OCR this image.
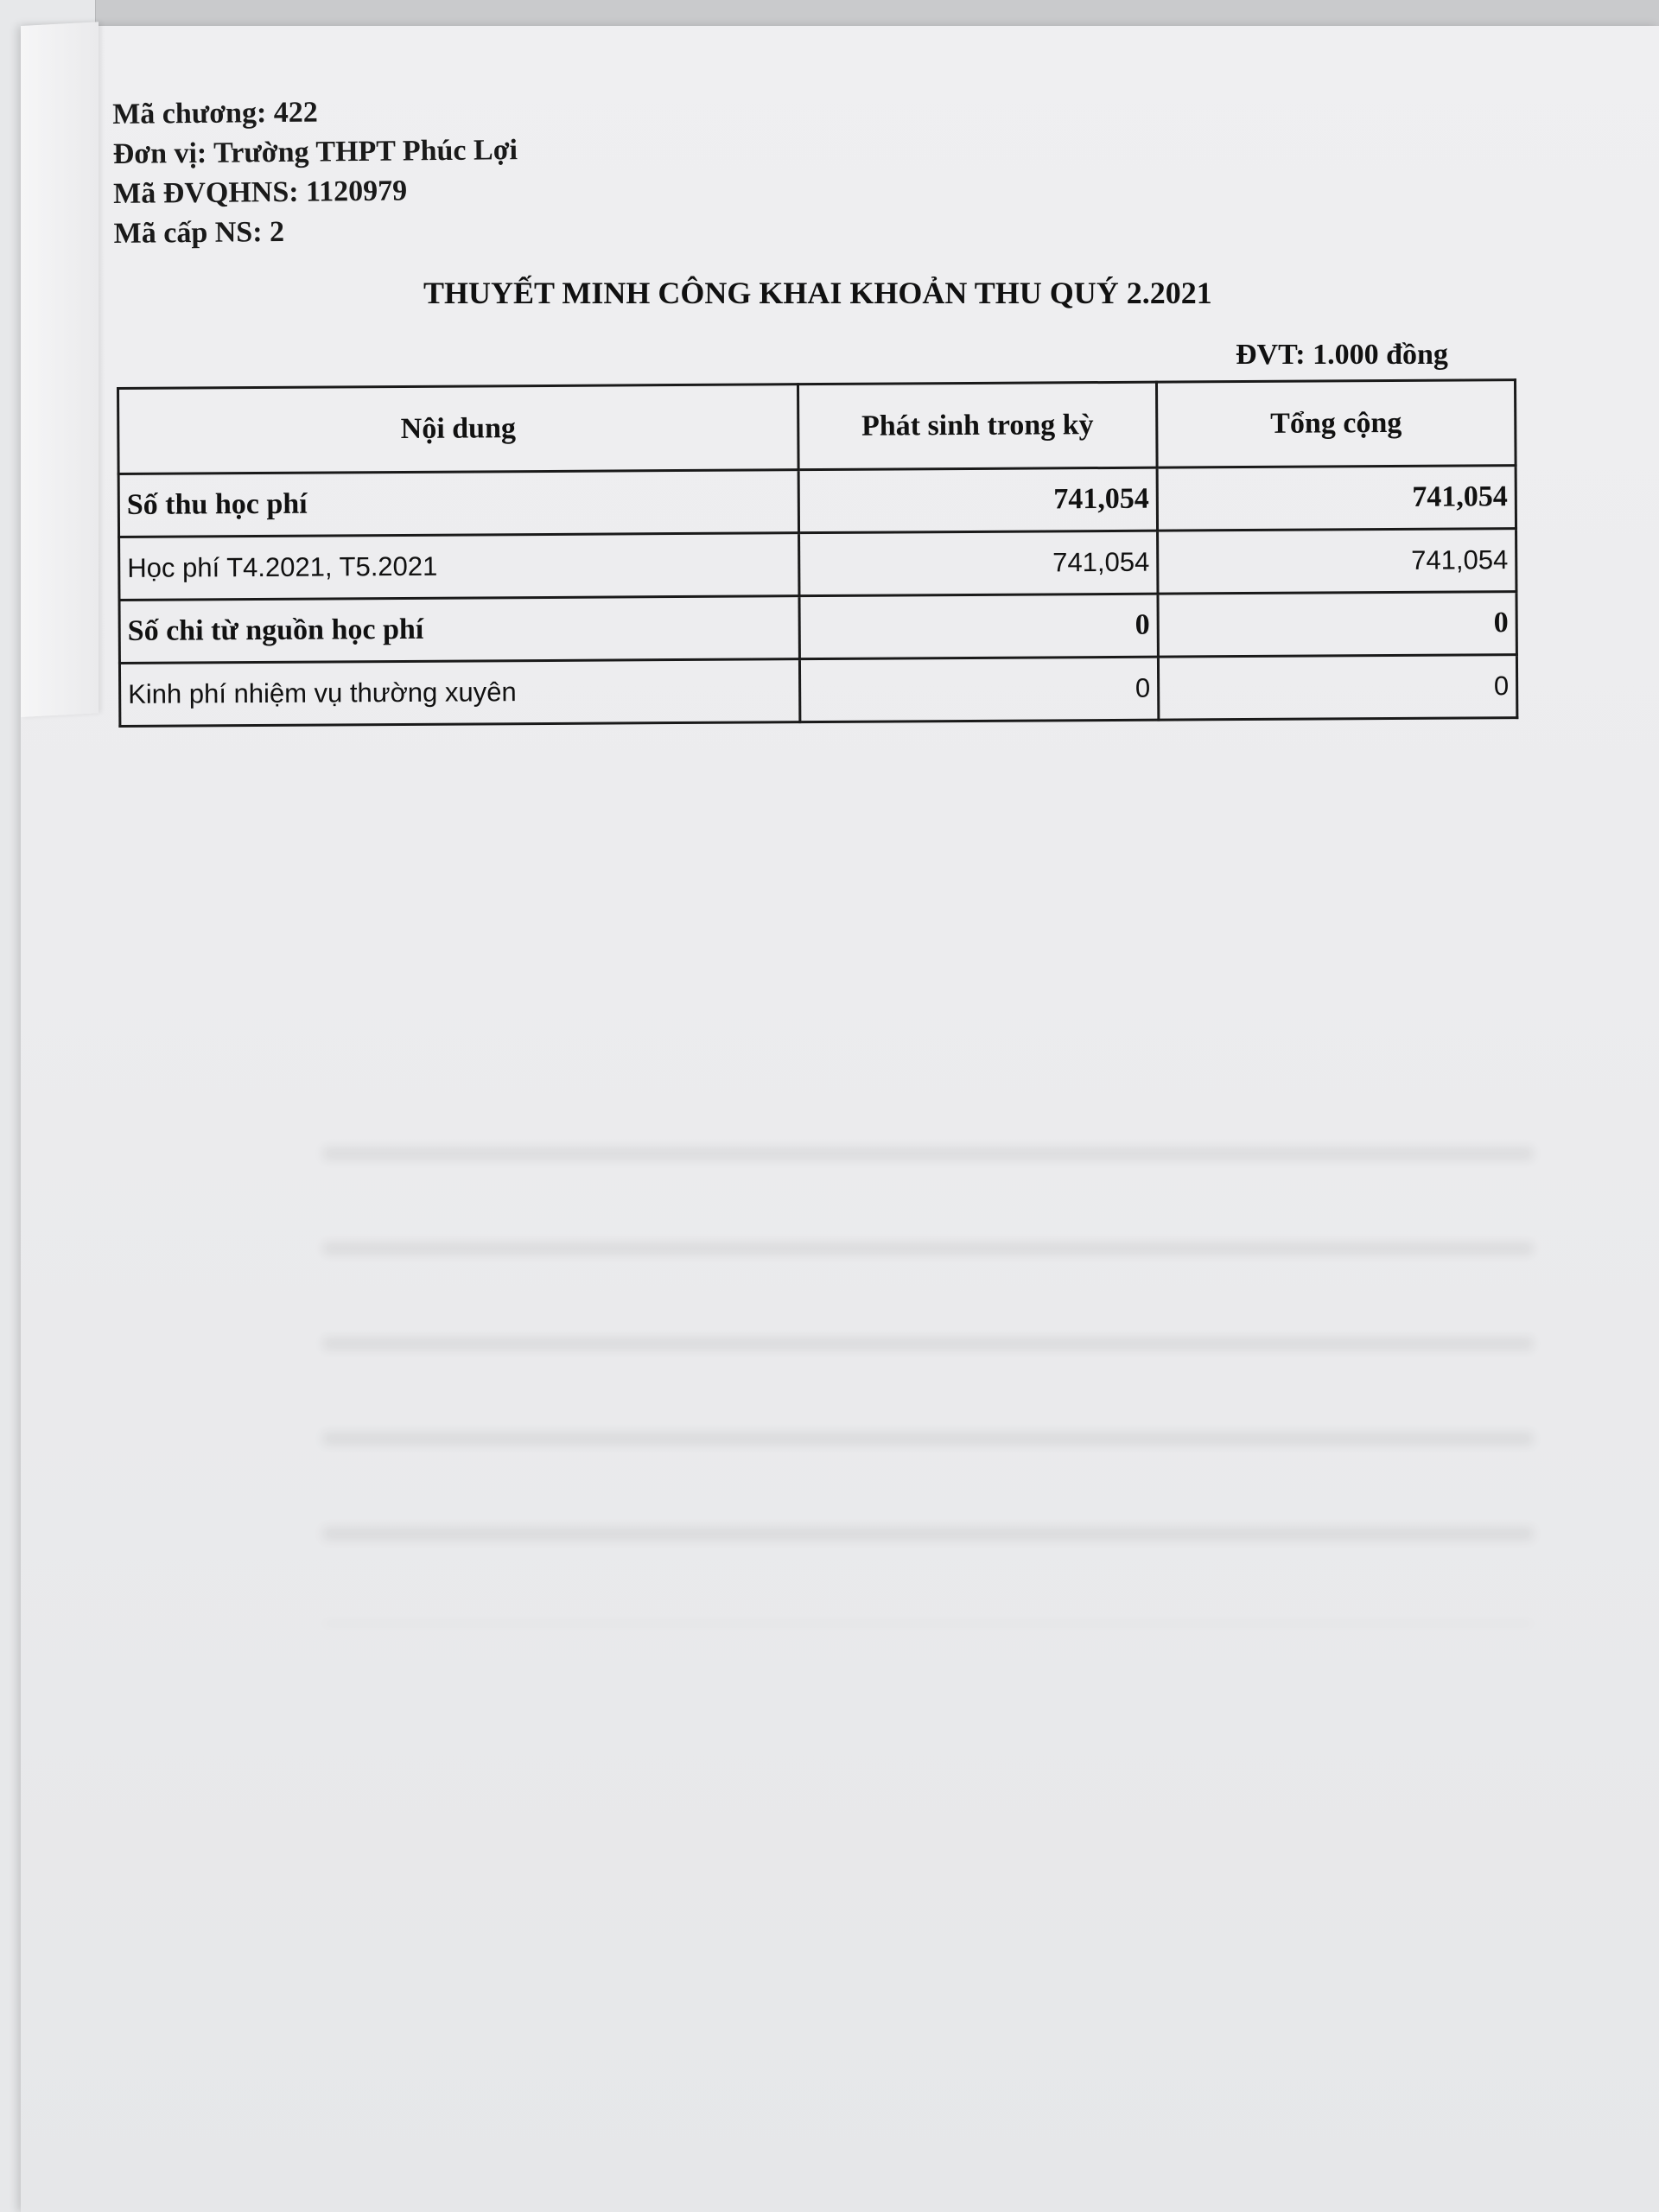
Mã chương: 422
Đơn vị: Trường THPT Phúc Lợi
Mã ĐVQHNS: 1120979
Mã cấp NS: 2
THUYẾT MINH CÔNG KHAI KHOẢN THU QUÝ 2.2021
ĐVT: 1.000 đồng
Nội dung	Phát sinh trong kỳ	Tổng cộng
Số thu học phí	741,054	741,054
Học phí T4.2021, T5.2021	741,054	741,054
Số chi từ nguồn học phí	0	0
Kinh phí nhiệm vụ thường xuyên	0	0
